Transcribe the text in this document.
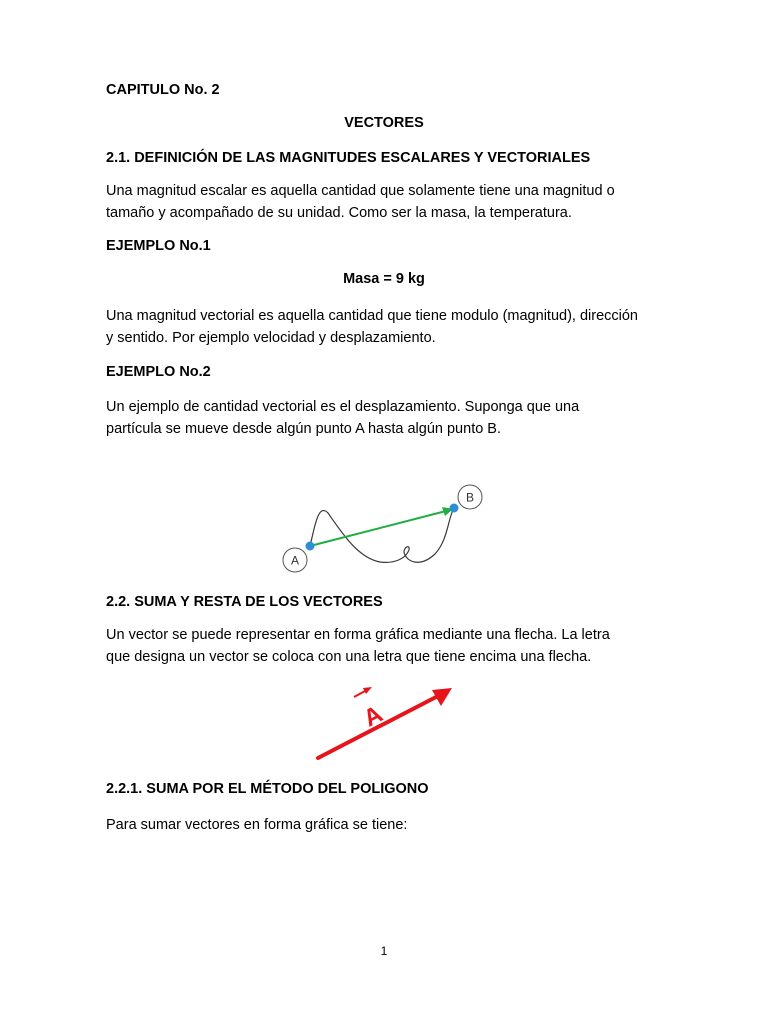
CAPITULO No. 2
VECTORES
2.1. DEFINICIÓN DE LAS MAGNITUDES ESCALARES Y VECTORIALES
Una magnitud escalar es aquella cantidad que solamente tiene una magnitud o
tamaño y acompañado de su unidad. Como ser la masa, la temperatura.
EJEMPLO No.1
Masa = 9 kg
Una magnitud vectorial es aquella cantidad que tiene modulo (magnitud), dirección
y sentido. Por ejemplo velocidad y desplazamiento.
EJEMPLO No.2
Un ejemplo de cantidad vectorial es el desplazamiento. Suponga que una
partícula se mueve desde algún punto A hasta algún punto B.
A
B
2.2. SUMA Y RESTA DE LOS VECTORES
Un vector se puede representar en forma gráfica mediante una flecha. La letra
que designa un vector se coloca con una letra que tiene encima una flecha.
A
2.2.1. SUMA POR EL MÉTODO DEL POLIGONO
Para sumar vectores en forma gráfica se tiene:
1
